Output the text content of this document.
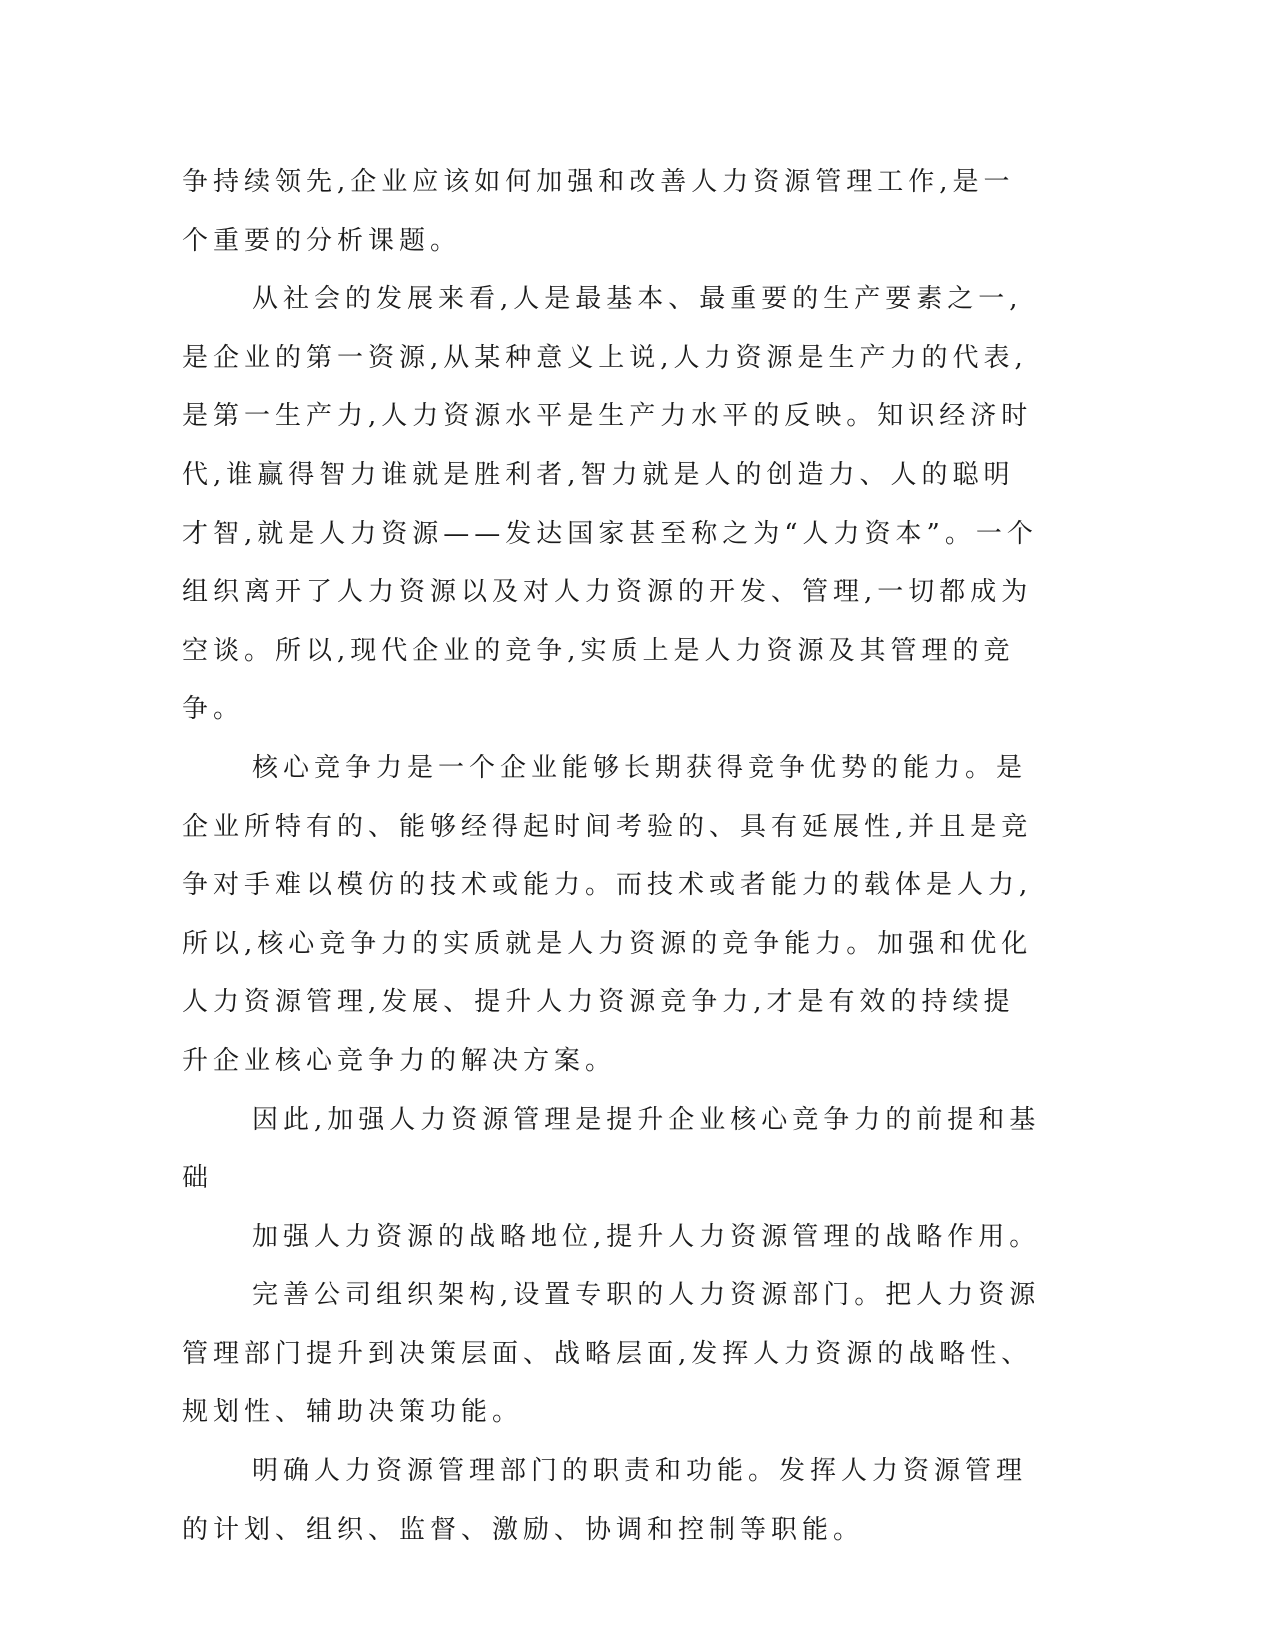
争持续领先,企业应该如何加强和改善人力资源管理工作,是一个重要的分析课题。

从社会的发展来看,人是最基本、最重要的生产要素之一,是企业的第一资源,从某种意义上说,人力资源是生产力的代表,是第一生产力,人力资源水平是生产力水平的反映。知识经济时代,谁赢得智力谁就是胜利者,智力就是人的创造力、人的聪明才智,就是人力资源——发达国家甚至称之为“人力资本”。一个组织离开了人力资源以及对人力资源的开发、管理,一切都成为空谈。所以,现代企业的竞争,实质上是人力资源及其管理的竞争。

核心竞争力是一个企业能够长期获得竞争优势的能力。是企业所特有的、能够经得起时间考验的、具有延展性,并且是竞争对手难以模仿的技术或能力。而技术或者能力的载体是人力,所以,核心竞争力的实质就是人力资源的竞争能力。加强和优化人力资源管理,发展、提升人力资源竞争力,才是有效的持续提升企业核心竞争力的解决方案。

因此,加强人力资源管理是提升企业核心竞争力的前提和基础

加强人力资源的战略地位,提升人力资源管理的战略作用。

完善公司组织架构,设置专职的人力资源部门。把人力资源管理部门提升到决策层面、战略层面,发挥人力资源的战略性、规划性、辅助决策功能。

明确人力资源管理部门的职责和功能。发挥人力资源管理的计划、组织、监督、激励、协调和控制等职能。
